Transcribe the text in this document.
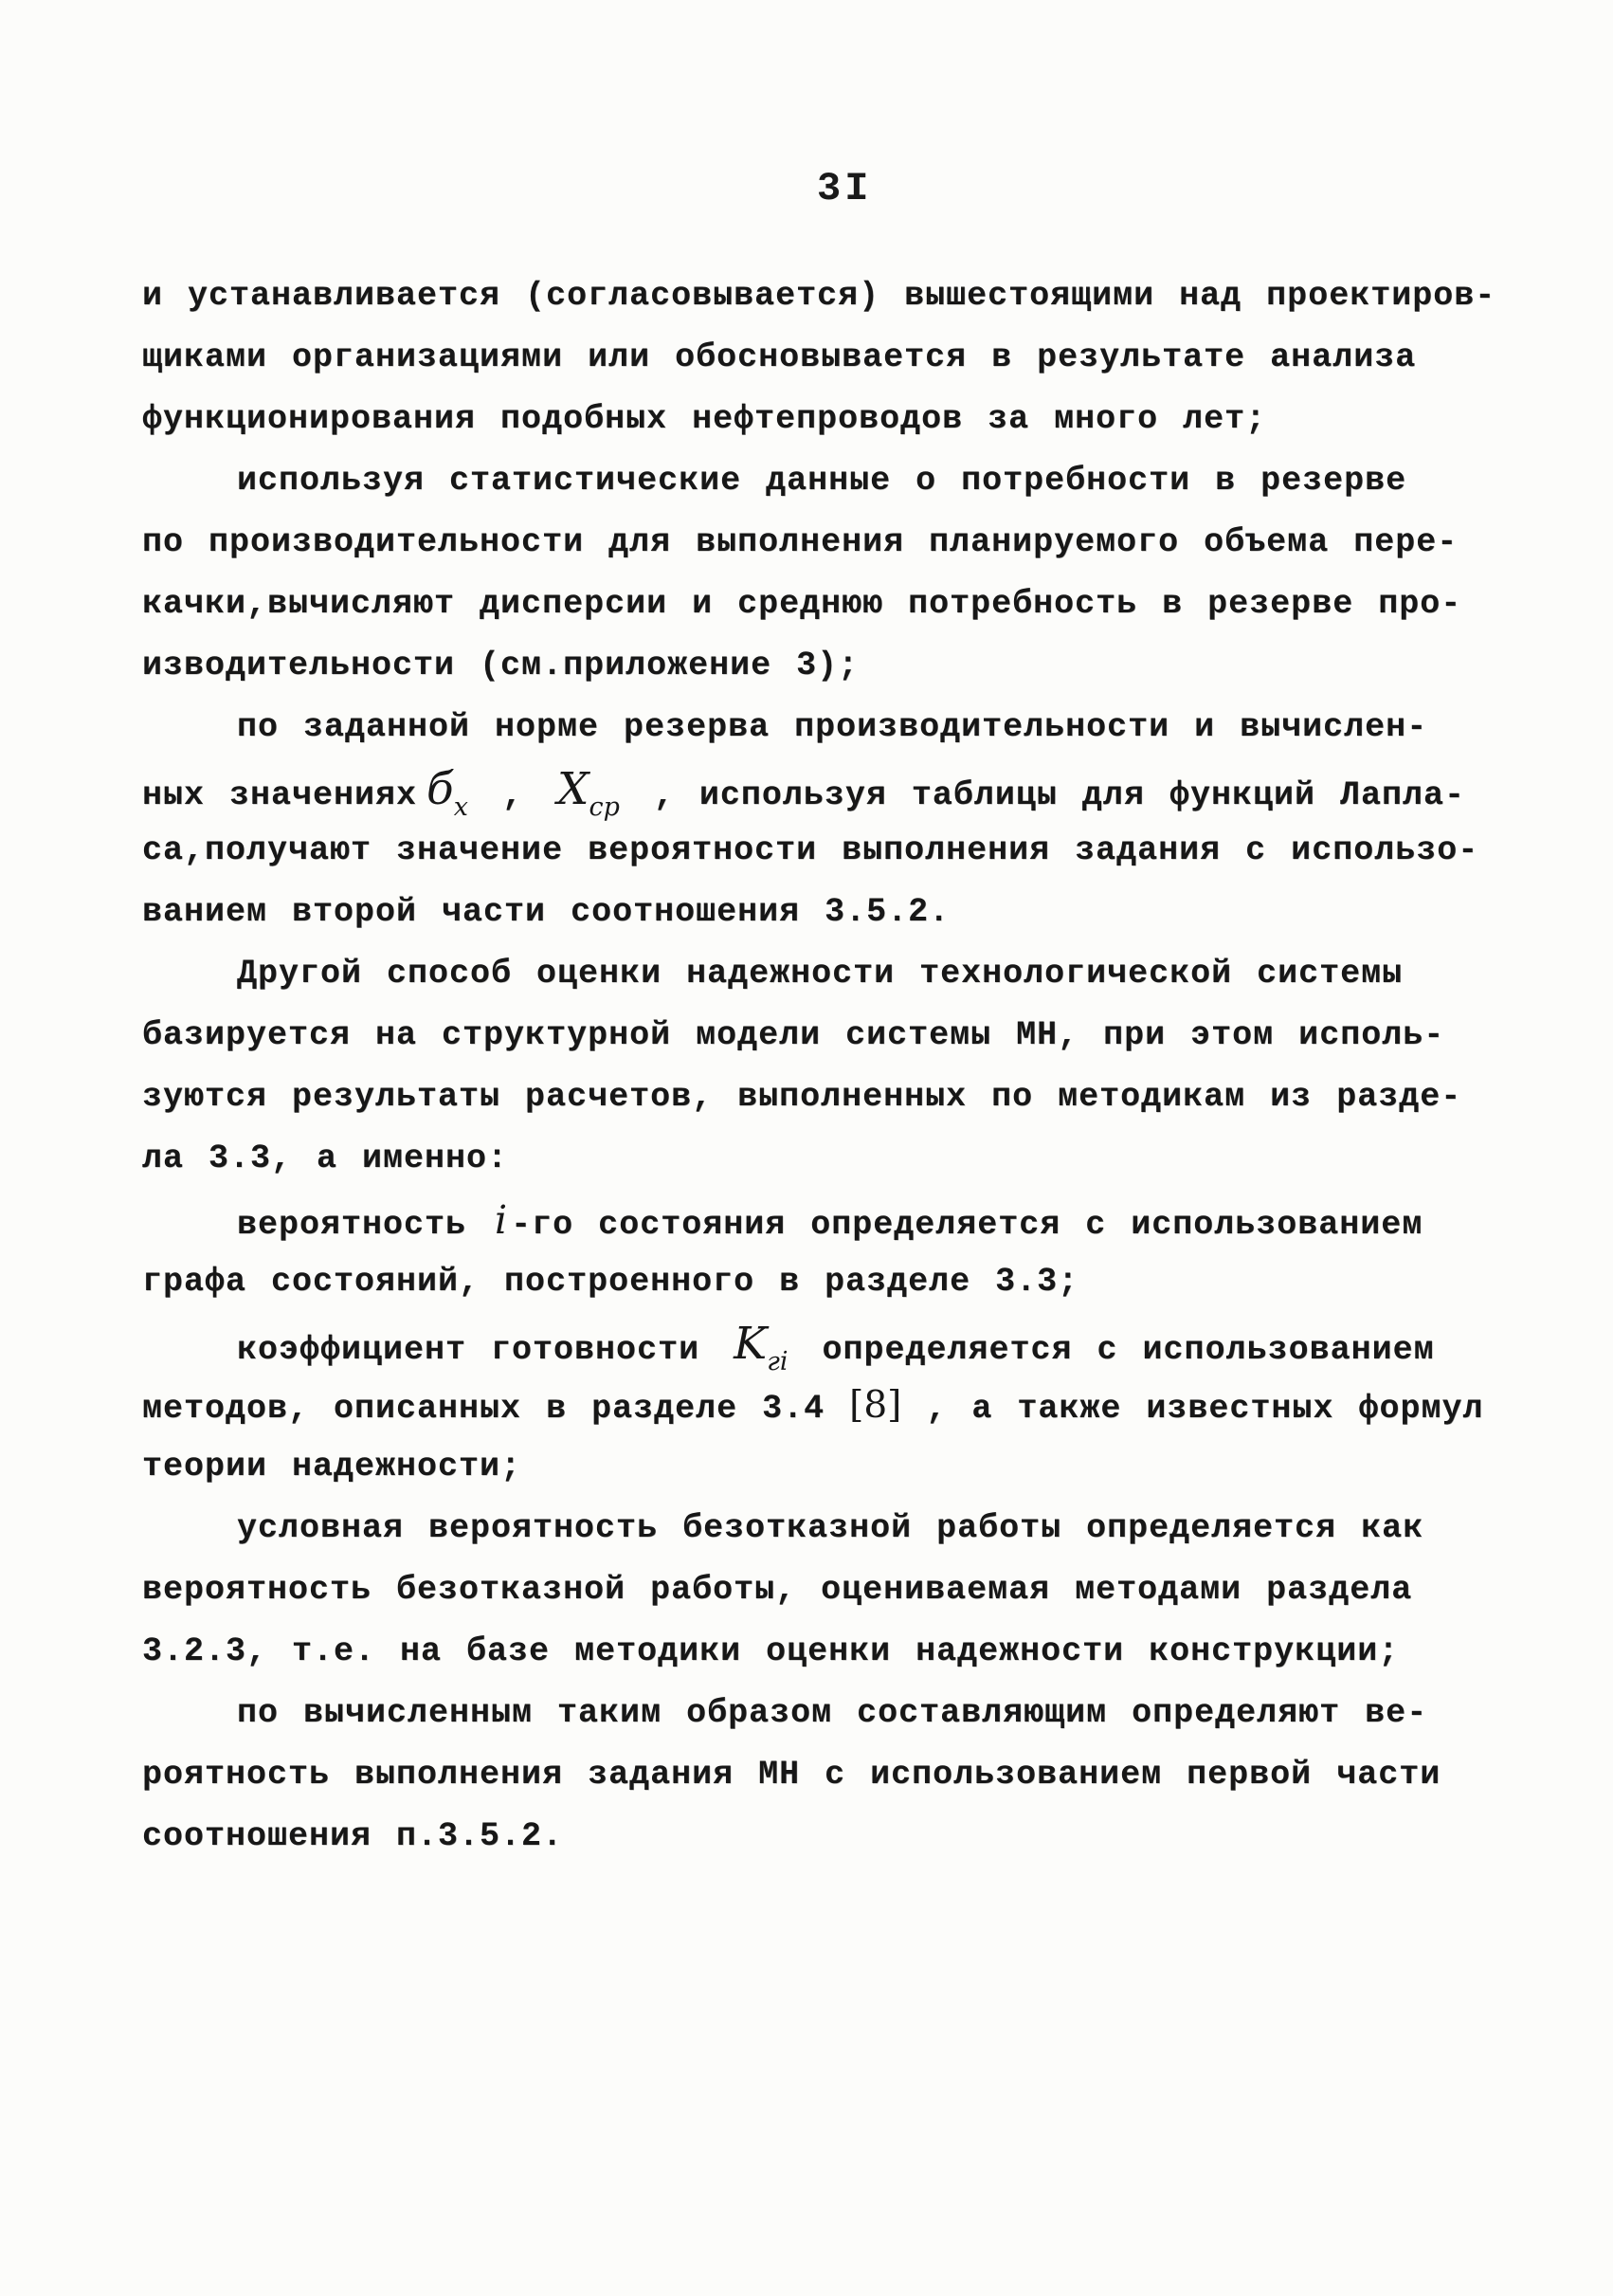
3I
и устанавливается (согласовывается) вышестоящими над проектиров-
щиками организациями или обосновывается в результате анализа
функционирования подобных нефтепроводов за много лет;
используя статистические данные о потребности в резерве
по производительности для выполнения планируемого объема пере-
качки,вычисляют дисперсии и среднюю потребность в резерве про-
изводительности (см.приложение 3);
по заданной норме резерва производительности и вычислен-
ных значениях $б_х$ , $Х_{ср}$ , используя таблицы для функций Лапла-
са,получают значение вероятности выполнения задания с использо-
ванием второй части соотношения 3.5.2.
Другой способ оценки надежности технологической системы
базируется на структурной модели системы МН, при этом исполь-
зуются результаты расчетов, выполненных по методикам из разде-
ла 3.3, а именно:
вероятность i -го состояния определяется с использованием
графа состояний, построенного в разделе 3.3;
коэффициент готовности $K_{гi}$ определяется с использованием
методов, описанных в разделе 3.4 [8] , а также известных формул
теории надежности;
условная вероятность безотказной работы определяется как
вероятность безотказной работы, оцениваемая методами раздела
3.2.3, т.е. на базе методики оценки надежности конструкции;
по вычисленным таким образом составляющим определяют ве-
роятность выполнения задания МН с использованием первой части
соотношения п.3.5.2.
